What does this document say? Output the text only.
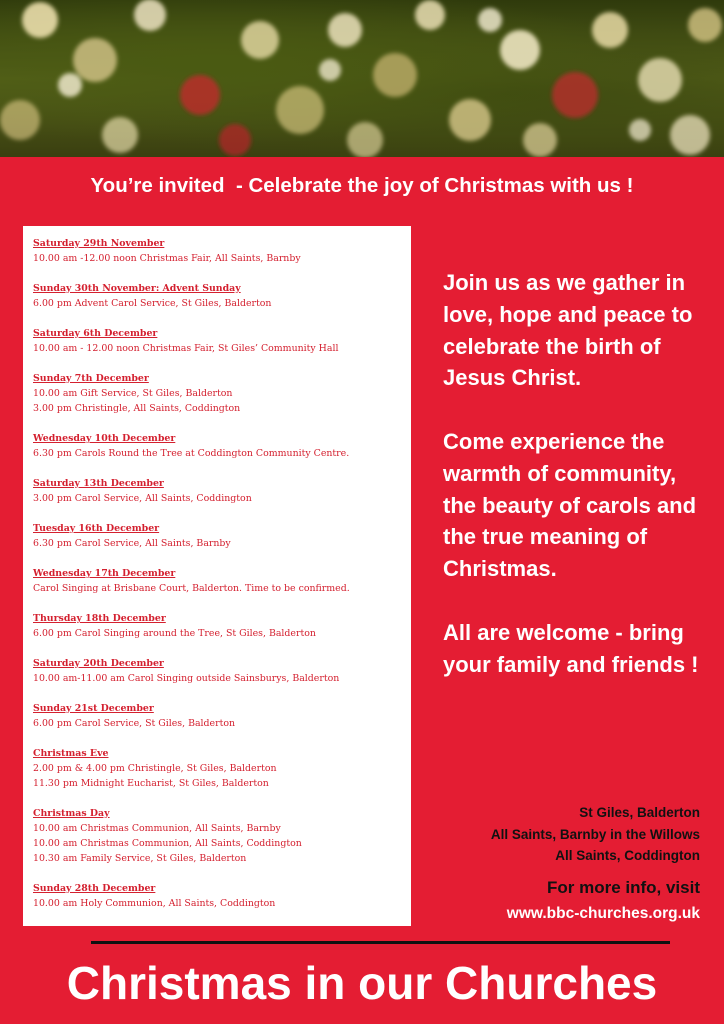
You’re invited  - Celebrate the joy of Christmas with us !
Saturday 29th November
10.00 am -12.00 noon Christmas Fair, All Saints, Barnby
Sunday 30th November: Advent Sunday
6.00 pm Advent Carol Service, St Giles, Balderton
Saturday 6th December
10.00 am - 12.00 noon Christmas Fair, St Giles’ Community Hall
Sunday 7th December
10.00 am Gift Service, St Giles, Balderton
3.00 pm Christingle, All Saints, Coddington
Wednesday 10th December
6.30 pm Carols Round the Tree at Coddington Community Centre.
Saturday 13th December
3.00 pm Carol Service, All Saints, Coddington
Tuesday 16th December
6.30 pm Carol Service, All Saints, Barnby
Wednesday 17th December
Carol Singing at Brisbane Court, Balderton. Time to be confirmed.
Thursday 18th December
6.00 pm Carol Singing around the Tree, St Giles, Balderton
Saturday 20th December
10.00 am-11.00 am Carol Singing outside Sainsburys, Balderton
Sunday 21st December
6.00 pm Carol Service, St Giles, Balderton
Christmas Eve
2.00 pm & 4.00 pm Christingle, St Giles, Balderton
11.30 pm Midnight Eucharist, St Giles, Balderton
Christmas Day
10.00 am Christmas Communion, All Saints, Barnby
10.00 am Christmas Communion, All Saints, Coddington
10.30 am Family Service, St Giles, Balderton
Sunday 28th December
10.00 am Holy Communion, All Saints, Coddington

Join us as we gather in love, hope and peace to celebrate the birth of Jesus Christ.

Come experience the warmth of community, the beauty of carols and the true meaning of Christmas.

All are welcome - bring your family and friends !

St Giles, Balderton
All Saints, Barnby in the Willows
All Saints, Coddington
For more info, visit
www.bbc-churches.org.uk
Christmas in our Churches
